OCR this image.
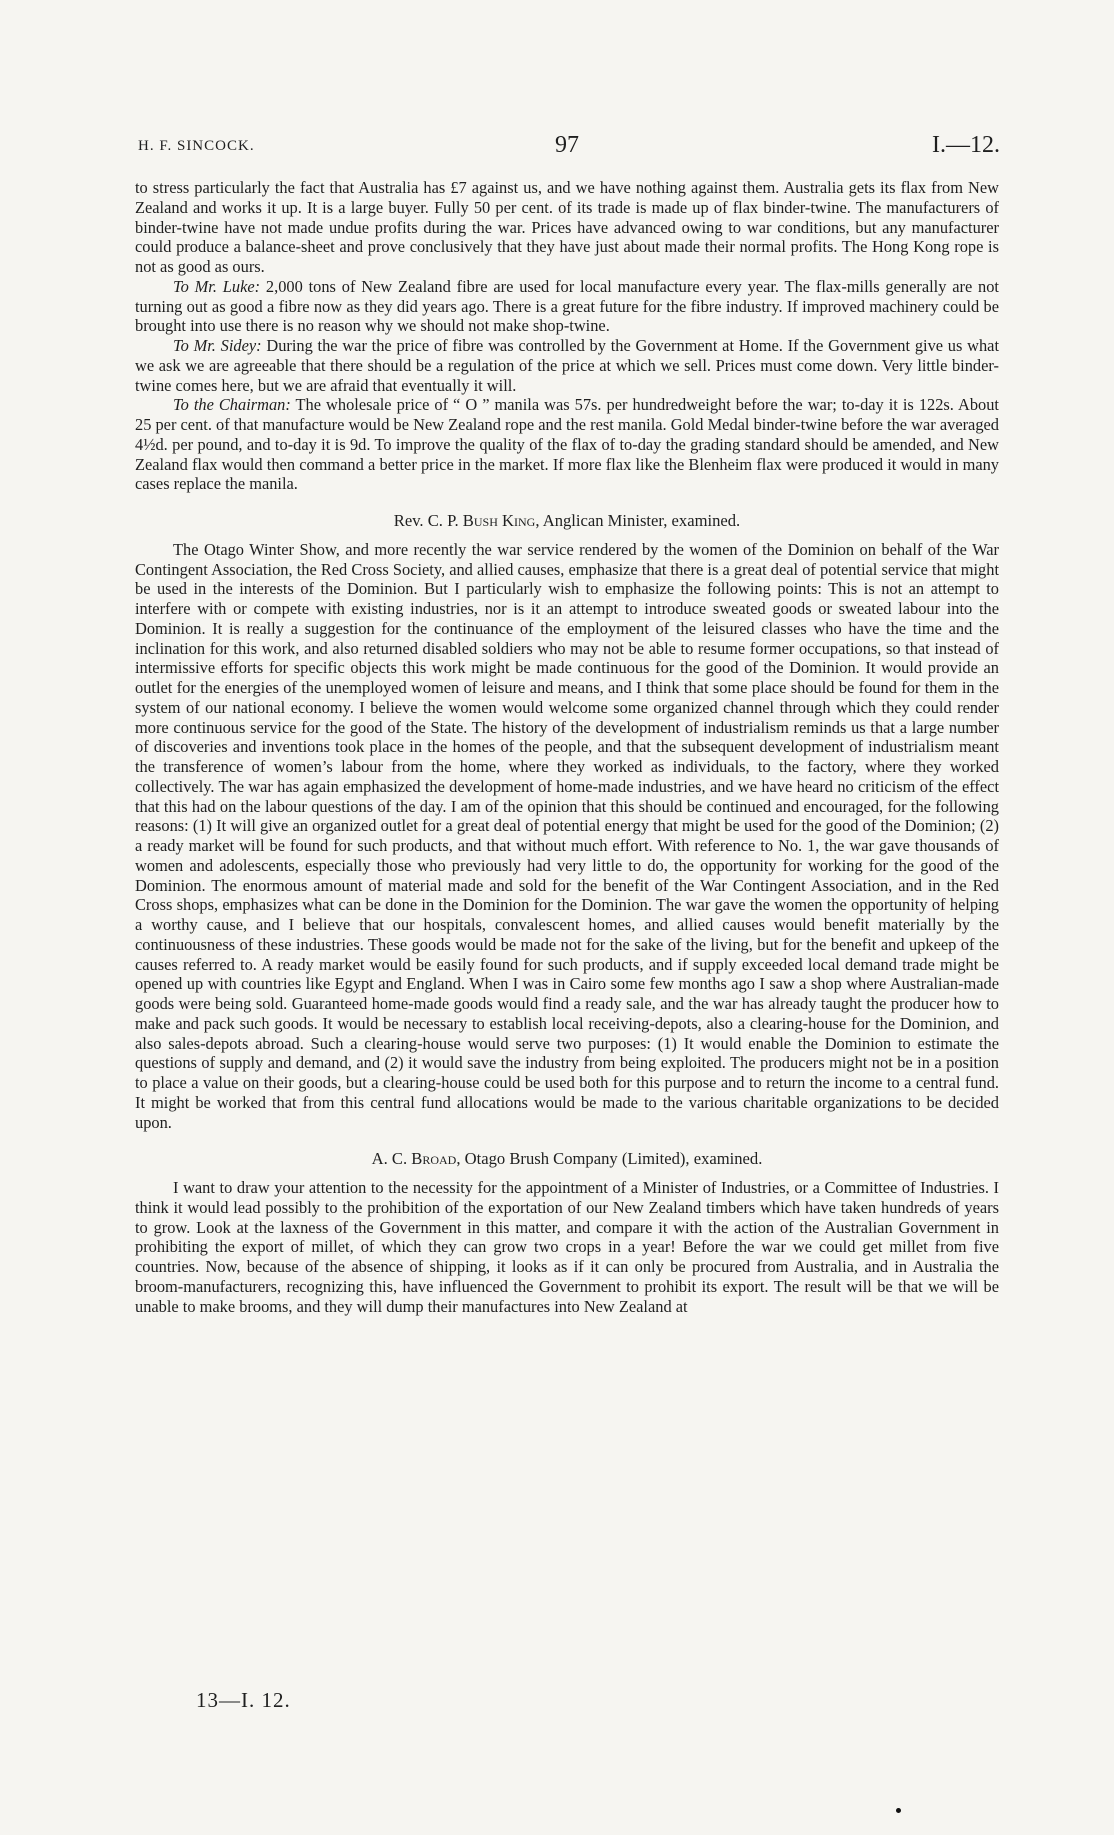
H. F. SINCOCK.	97	I.—12.

to stress particularly the fact that Australia has £7 against us, and we have nothing against them. Australia gets its flax from New Zealand and works it up. It is a large buyer. Fully 50 per cent. of its trade is made up of flax binder-twine. The manufacturers of binder-twine have not made undue profits during the war. Prices have advanced owing to war conditions, but any manufacturer could produce a balance-sheet and prove conclusively that they have just about made their normal profits. The Hong Kong rope is not as good as ours.

To Mr. Luke: 2,000 tons of New Zealand fibre are used for local manufacture every year. The flax-mills generally are not turning out as good a fibre now as they did years ago. There is a great future for the fibre industry. If improved machinery could be brought into use there is no reason why we should not make shop-twine.

To Mr. Sidey: During the war the price of fibre was controlled by the Government at Home. If the Government give us what we ask we are agreeable that there should be a regulation of the price at which we sell. Prices must come down. Very little binder-twine comes here, but we are afraid that eventually it will.

To the Chairman: The wholesale price of “ O ” manila was 57s. per hundredweight before the war; to-day it is 122s. About 25 per cent. of that manufacture would be New Zealand rope and the rest manila. Gold Medal binder-twine before the war averaged 4½d. per pound, and to-day it is 9d. To improve the quality of the flax of to-day the grading standard should be amended, and New Zealand flax would then command a better price in the market. If more flax like the Blenheim flax were produced it would in many cases replace the manila.

Rev. C. P. Bush King, Anglican Minister, examined.

The Otago Winter Show, and more recently the war service rendered by the women of the Dominion on behalf of the War Contingent Association, the Red Cross Society, and allied causes, emphasize that there is a great deal of potential service that might be used in the interests of the Dominion. But I particularly wish to emphasize the following points: This is not an attempt to interfere with or compete with existing industries, nor is it an attempt to introduce sweated goods or sweated labour into the Dominion. It is really a suggestion for the continuance of the employment of the leisured classes who have the time and the inclination for this work, and also returned disabled soldiers who may not be able to resume former occupations, so that instead of intermissive efforts for specific objects this work might be made continuous for the good of the Dominion. It would provide an outlet for the energies of the unemployed women of leisure and means, and I think that some place should be found for them in the system of our national economy. I believe the women would welcome some organized channel through which they could render more continuous service for the good of the State. The history of the development of industrialism reminds us that a large number of discoveries and inventions took place in the homes of the people, and that the subsequent development of industrialism meant the transference of women’s labour from the home, where they worked as individuals, to the factory, where they worked collectively. The war has again emphasized the development of home-made industries, and we have heard no criticism of the effect that this had on the labour questions of the day. I am of the opinion that this should be continued and encouraged, for the following reasons: (1) It will give an organized outlet for a great deal of potential energy that might be used for the good of the Dominion; (2) a ready market will be found for such products, and that without much effort. With reference to No. 1, the war gave thousands of women and adolescents, especially those who previously had very little to do, the opportunity for working for the good of the Dominion. The enormous amount of material made and sold for the benefit of the War Contingent Association, and in the Red Cross shops, emphasizes what can be done in the Dominion for the Dominion. The war gave the women the opportunity of helping a worthy cause, and I believe that our hospitals, convalescent homes, and allied causes would benefit materially by the continuousness of these industries. These goods would be made not for the sake of the living, but for the benefit and upkeep of the causes referred to. A ready market would be easily found for such products, and if supply exceeded local demand trade might be opened up with countries like Egypt and England. When I was in Cairo some few months ago I saw a shop where Australian-made goods were being sold. Guaranteed home-made goods would find a ready sale, and the war has already taught the producer how to make and pack such goods. It would be necessary to establish local receiving-depots, also a clearing-house for the Dominion, and also sales-depots abroad. Such a clearing-house would serve two purposes: (1) It would enable the Dominion to estimate the questions of supply and demand, and (2) it would save the industry from being exploited. The producers might not be in a position to place a value on their goods, but a clearing-house could be used both for this purpose and to return the income to a central fund. It might be worked that from this central fund allocations would be made to the various charitable organizations to be decided upon.

A. C. Broad, Otago Brush Company (Limited), examined.

I want to draw your attention to the necessity for the appointment of a Minister of Industries, or a Committee of Industries. I think it would lead possibly to the prohibition of the exportation of our New Zealand timbers which have taken hundreds of years to grow. Look at the laxness of the Government in this matter, and compare it with the action of the Australian Government in prohibiting the export of millet, of which they can grow two crops in a year! Before the war we could get millet from five countries. Now, because of the absence of shipping, it looks as if it can only be procured from Australia, and in Australia the broom-manufacturers, recognizing this, have influenced the Government to prohibit its export. The result will be that we will be unable to make brooms, and they will dump their manufactures into New Zealand at

13—I. 12.
